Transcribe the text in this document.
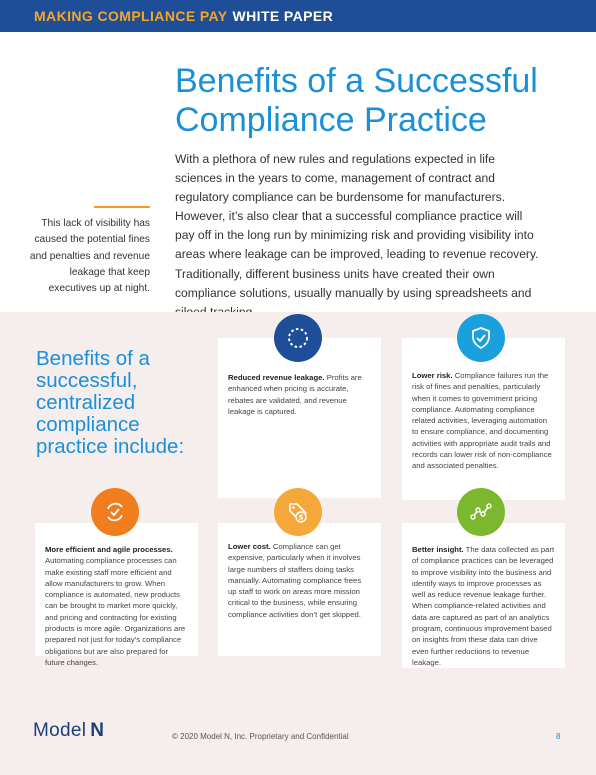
MAKING COMPLIANCE PAY WHITE PAPER
Benefits of a Successful Compliance Practice
With a plethora of new rules and regulations expected in life sciences in the years to come, management of contract and regulatory compliance can be burdensome for manufacturers. However, it’s also clear that a successful compliance practice will pay off in the long run by minimizing risk and providing visibility into areas where leakage can be improved, leading to revenue recovery. Traditionally, different business units have created their own compliance solutions, usually manually by using spreadsheets and
This lack of visibility has caused the potential fines and penalties and revenue leakage that keep executives up at night.
Benefits of a successful, centralized compliance practice include:
Reduced revenue leakage. Profits are enhanced when pricing is accurate, rebates are validated, and revenue leakage is captured.
Lower risk. Compliance failures run the risk of fines and penalties, particularly when it comes to government pricing compliance. Automating compliance related activities, leveraging automation to ensure compliance, and documenting activities with appropriate audit trails and records can lower risk of non-compliance and associated penalties.
More efficient and agile processes. Automating compliance processes can make existing staff more efficient and allow manufacturers to grow. When compliance is automated, new products can be brought to market more quickly, and pricing and contracting for existing products is more agile. Organizations are prepared not just for today’s compliance obligations but are also prepared for future changes.
Lower cost. Compliance can get expensive, particularly when it involves large numbers of staffers doing tasks manually. Automating compliance frees up staff to work on areas more mission critical to the business, while ensuring compliance activities don’t get skipped.
$
Better insight. The data collected as part of compliance practices can be leveraged to improve visibility into the business and identify ways to improve processes as well as reduce revenue leakage further. When compliance-related activities and data are captured as part of an analytics program, continuous improvement based on insights from these data can drive even further reductions to revenue leakage.
Model N	© 2020 Model N, Inc. Proprietary and Confidential	8
